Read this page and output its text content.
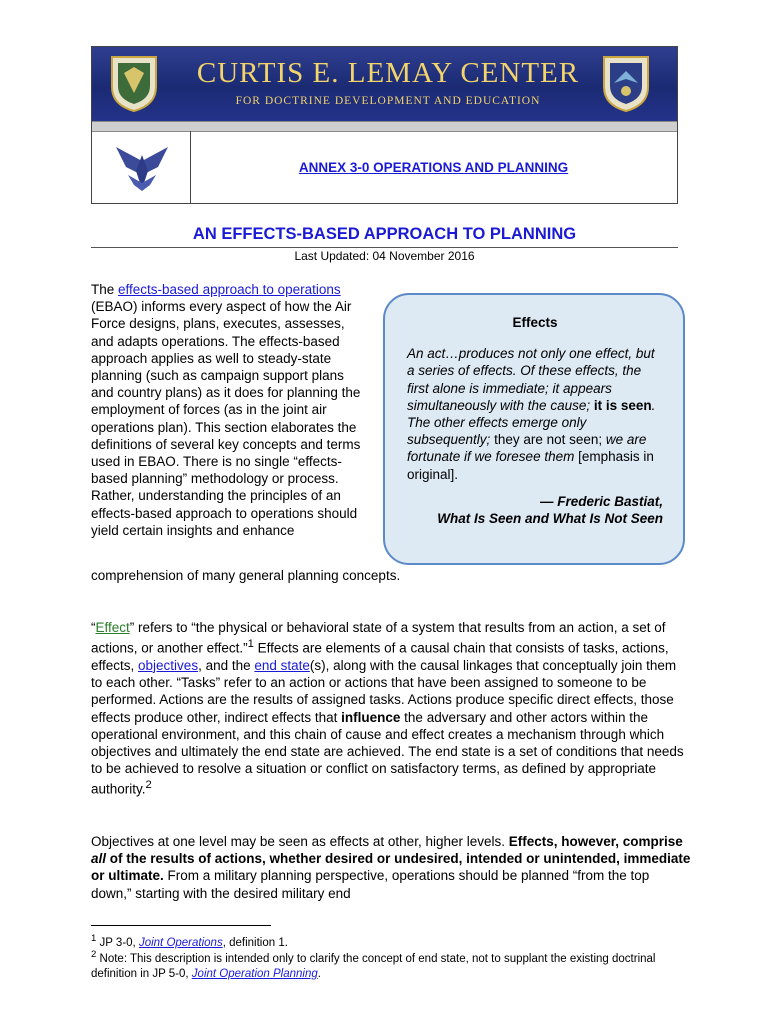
CURTIS E. LEMAY CENTER
FOR DOCTRINE DEVELOPMENT AND EDUCATION
ANNEX 3-0 OPERATIONS AND PLANNING
AN EFFECTS-BASED APPROACH TO PLANNING
Last Updated: 04 November 2016
The effects-based approach to operations (EBAO) informs every aspect of how the Air Force designs, plans, executes, assesses, and adapts operations. The effects-based approach applies as well to steady-state planning (such as campaign support plans and country plans) as it does for planning the employment of forces (as in the joint air operations plan). This section elaborates the definitions of several key concepts and terms used in EBAO. There is no single “effects-based planning” methodology or process. Rather, understanding the principles of an effects-based approach to operations should yield certain insights and enhance
comprehension of many general planning concepts.
Effects
An act…produces not only one effect, but a series of effects. Of these effects, the first alone is immediate; it appears simultaneously with the cause; it is seen. The other effects emerge only subsequently; they are not seen; we are fortunate if we foresee them [emphasis in original].
— Frederic Bastiat,
What Is Seen and What Is Not Seen
“Effect” refers to “the physical or behavioral state of a system that results from an action, a set of actions, or another effect.”$^1$ Effects are elements of a causal chain that consists of tasks, actions, effects, objectives, and the end state(s), along with the causal linkages that conceptually join them to each other. “Tasks” refer to an action or actions that have been assigned to someone to be performed. Actions are the results of assigned tasks. Actions produce specific direct effects, those effects produce other, indirect effects that influence the adversary and other actors within the operational environment, and this chain of cause and effect creates a mechanism through which objectives and ultimately the end state are achieved. The end state is a set of conditions that needs to be achieved to resolve a situation or conflict on satisfactory terms, as defined by appropriate authority.$^2$
Objectives at one level may be seen as effects at other, higher levels. Effects, however, comprise all of the results of actions, whether desired or undesired, intended or unintended, immediate or ultimate. From a military planning perspective, operations should be planned “from the top down,” starting with the desired military end
$^1$ JP 3-0, Joint Operations, definition 1.
$^2$ Note: This description is intended only to clarify the concept of end state, not to supplant the existing doctrinal definition in JP 5-0, Joint Operation Planning.
